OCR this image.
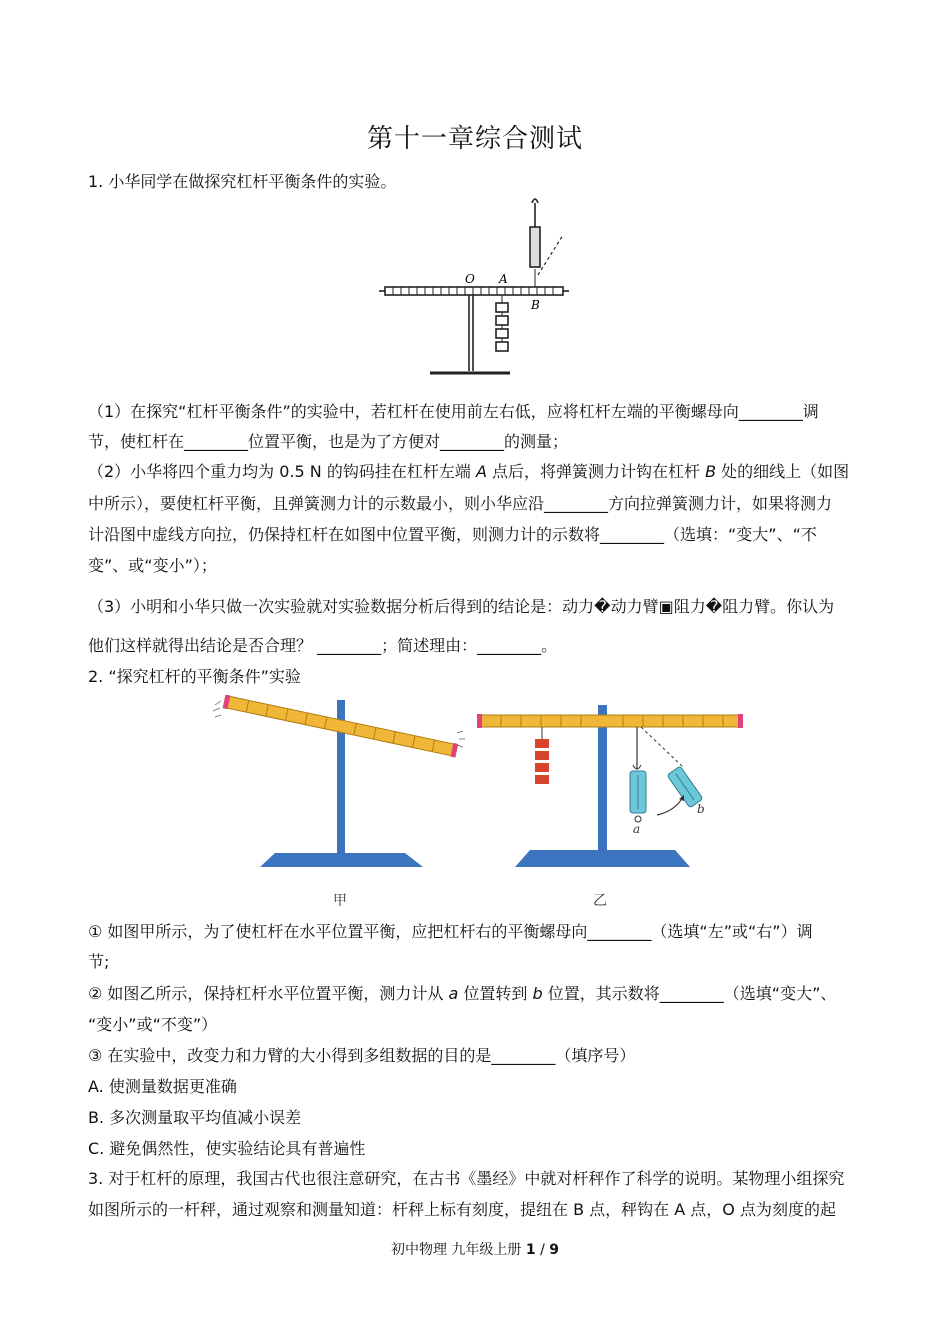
第十一章综合测试
1. 小华同学在做探究杠杆平衡条件的实验。
O A
B
（1）在探究“杠杆平衡条件”的实验中，若杠杆在使用前左右低，应将杠杆左端的平衡螺母向________调
节，使杠杆在________位置平衡，也是为了方便对________的测量；
（2）小华将四个重力均为 0.5 N 的钩码挂在杠杆左端 A 点后，将弹簧测力计钩在杠杆 B 处的细线上（如图
中所示），要使杠杆平衡，且弹簧测力计的示数最小，则小华应沿________方向拉弹簧测力计，如果将测力
计沿图中虚线方向拉，仍保持杠杆在如图中位置平衡，则测力计的示数将________（选填：“变大”、“不
变”、或“变小”）；
（3）小明和小华只做一次实验就对实验数据分析后得到的结论是：动力�动力臂▣阻力�阻力臂。你认为
他们这样就得出结论是否合理？ ________；简述理由：________。
2. “探究杠杆的平衡条件”实验
甲
a
b
乙
① 如图甲所示，为了使杠杆在水平位置平衡，应把杠杆右的平衡螺母向________（选填“左”或“右”）调
节;
② 如图乙所示，保持杠杆水平位置平衡，测力计从 a 位置转到 b 位置，其示数将________（选填“变大”、
“变小”或“不变”）
③ 在实验中，改变力和力臂的大小得到多组数据的目的是________（填序号）
A. 使测量数据更准确
B. 多次测量取平均值减小误差
C. 避免偶然性，使实验结论具有普遍性
3. 对于杠杆的原理，我国古代也很注意研究，在古书《墨经》中就对杆秤作了科学的说明。某物理小组探究
如图所示的一杆秤，通过观察和测量知道：杆秤上标有刻度，提纽在 B 点，秤钩在 A 点，O 点为刻度的起
初中物理 九年级上册 1 / 9
